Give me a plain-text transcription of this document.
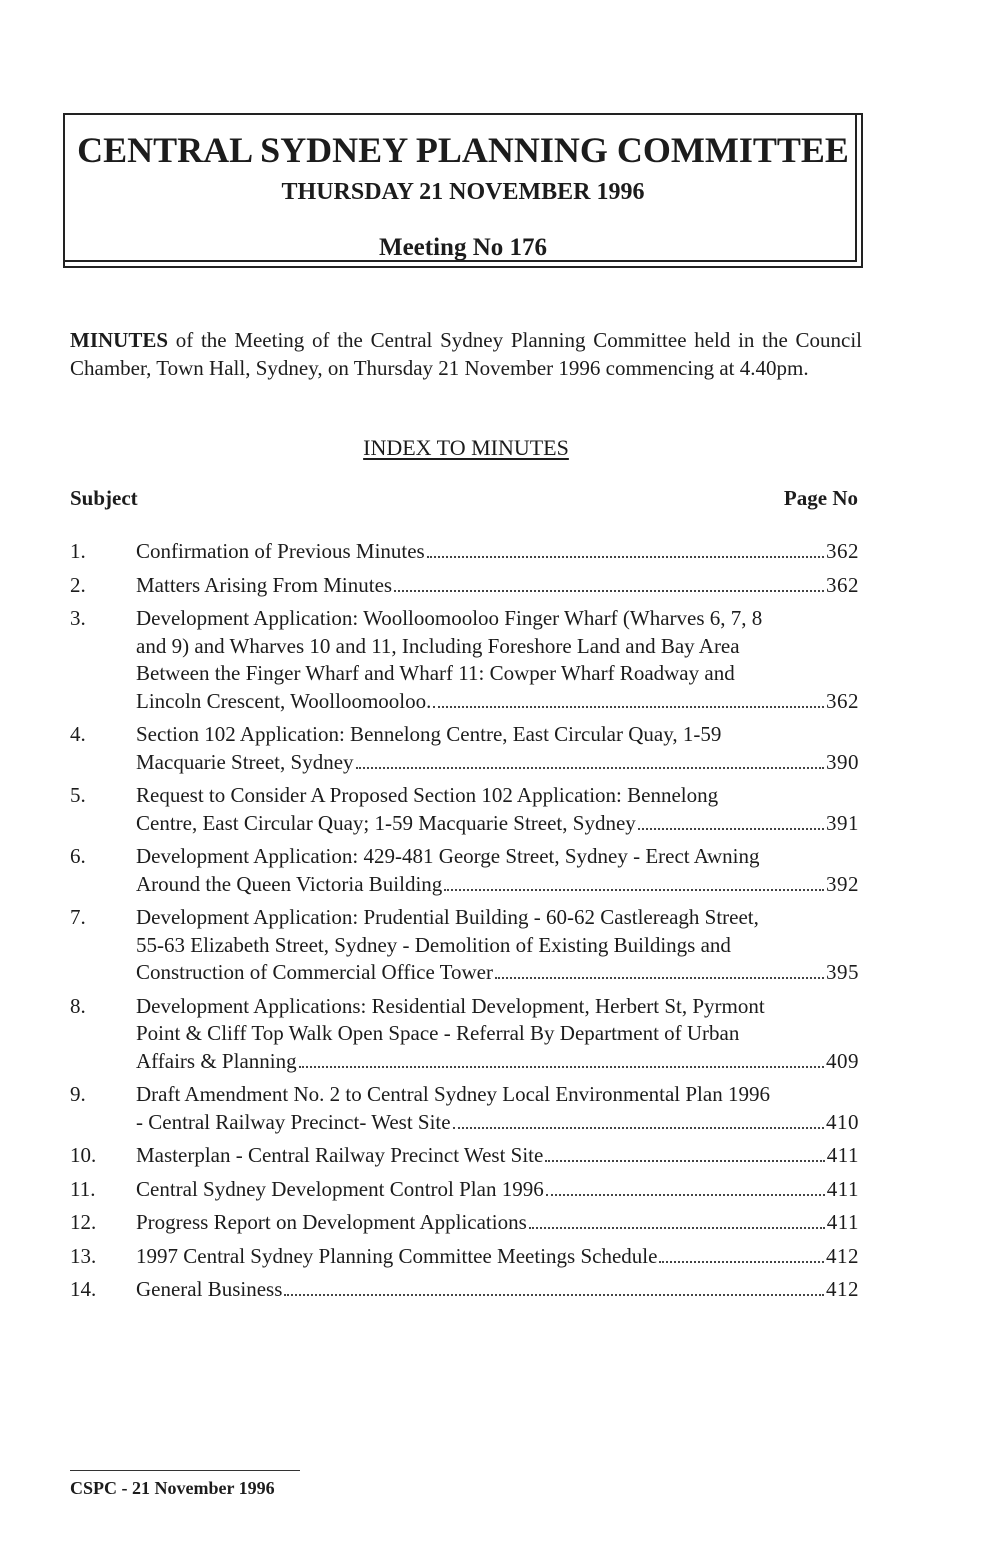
CENTRAL SYDNEY PLANNING COMMITTEE
THURSDAY 21 NOVEMBER 1996
Meeting No 176

MINUTES of the Meeting of the Central Sydney Planning Committee held in the Council Chamber, Town Hall, Sydney, on Thursday 21 November 1996 commencing at 4.40pm.

INDEX TO MINUTES
Subject	Page No
1.	Confirmation of Previous Minutes	362
2.	Matters Arising From Minutes	362
3.	Development Application: Woolloomooloo Finger Wharf (Wharves 6, 7, 8
and 9) and Wharves 10 and 11, Including Foreshore Land and Bay Area
Between the Finger Wharf and Wharf 11: Cowper Wharf Roadway and
Lincoln Crescent, Woolloomooloo.	362
4.	Section 102 Application: Bennelong Centre, East Circular Quay, 1-59
Macquarie Street, Sydney	390
5.	Request to Consider A Proposed Section 102 Application: Bennelong
Centre, East Circular Quay; 1-59 Macquarie Street, Sydney	391
6.	Development Application: 429-481 George Street, Sydney - Erect Awning
Around the Queen Victoria Building	392
7.	Development Application: Prudential Building - 60-62 Castlereagh Street,
55-63 Elizabeth Street, Sydney - Demolition of Existing Buildings and
Construction of Commercial Office Tower	395
8.	Development Applications: Residential Development, Herbert St, Pyrmont
Point & Cliff Top Walk Open Space - Referral By Department of Urban
Affairs & Planning	409
9.	Draft Amendment No. 2 to Central Sydney Local Environmental Plan 1996
- Central Railway Precinct- West Site	410
10.	Masterplan - Central Railway Precinct West Site	411
11.	Central Sydney Development Control Plan 1996	411
12.	Progress Report on Development Applications	411
13.	1997 Central Sydney Planning Committee Meetings Schedule	412
14.	General Business	412
CSPC - 21 November 1996
